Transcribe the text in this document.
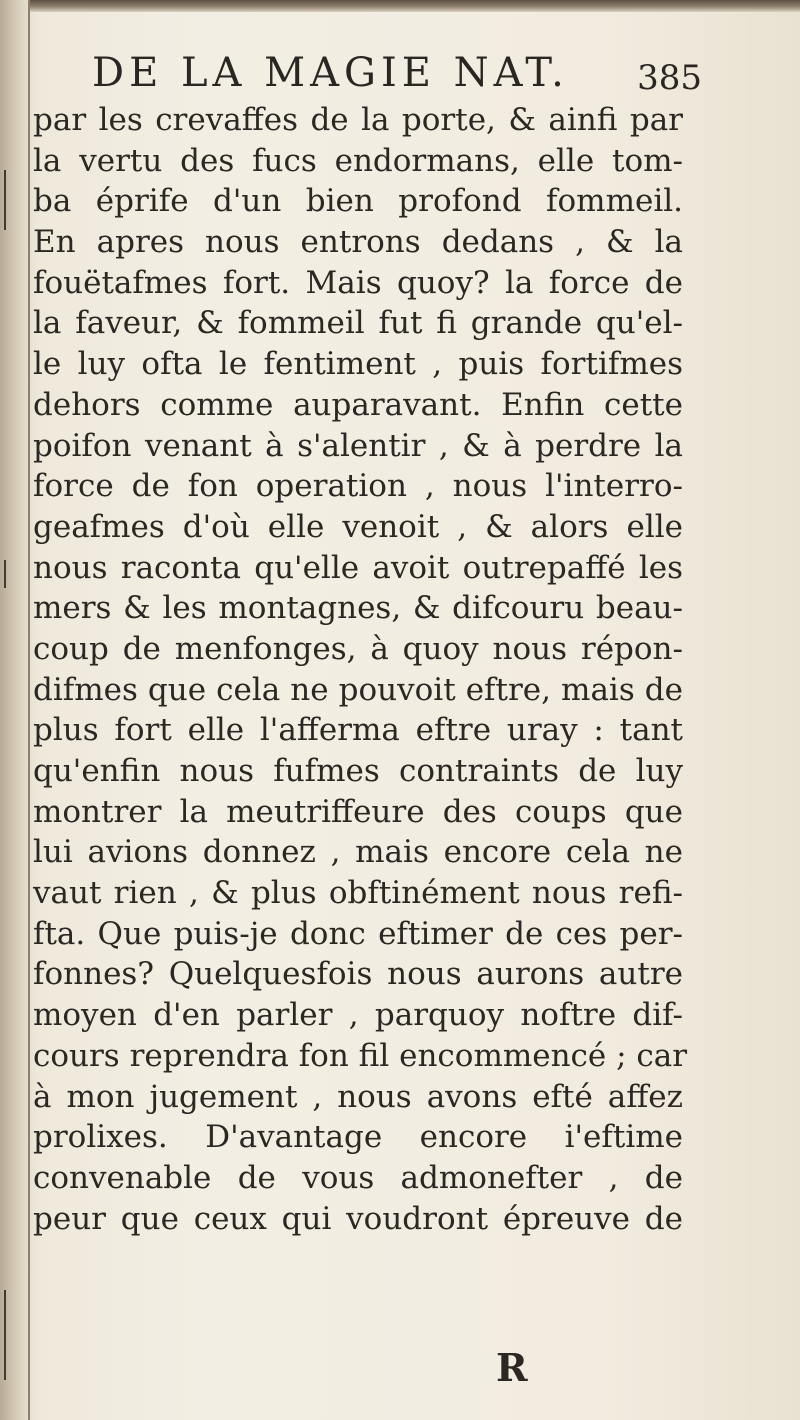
DE LA MAGIE NAT. 385
par les crevaffes de la porte, & ainfi par
la vertu des fucs endormans, elle tom-
ba éprife d'un bien profond fommeil.
En apres nous entrons dedans , & la
fouëtafmes fort. Mais quoy? la force de
la faveur, & fommeil fut fi grande qu'el-
le luy ofta le fentiment , puis fortifmes
dehors comme auparavant. Enfin cette
poifon venant à s'alentir , & à perdre la
force de fon operation , nous l'interro-
geafmes d'où elle venoit , & alors elle
nous raconta qu'elle avoit outrepaffé les
mers & les montagnes, & difcouru beau-
coup de menfonges, à quoy nous répon-
difmes que cela ne pouvoit eftre, mais de
plus fort elle l'afferma eftre uray : tant
qu'enfin nous fufmes contraints de luy
montrer la meutriffeure des coups que
lui avions donnez , mais encore cela ne
vaut rien , & plus obftinément nous refi-
fta. Que puis-je donc eftimer de ces per-
fonnes? Quelquesfois nous aurons autre
moyen d'en parler , parquoy noftre dif-
cours reprendra fon fil encommencé ; car
à mon jugement , nous avons efté affez
prolixes. D'avantage encore i'eftime
convenable de vous admonefter , de
peur que ceux qui voudront épreuve de
R
